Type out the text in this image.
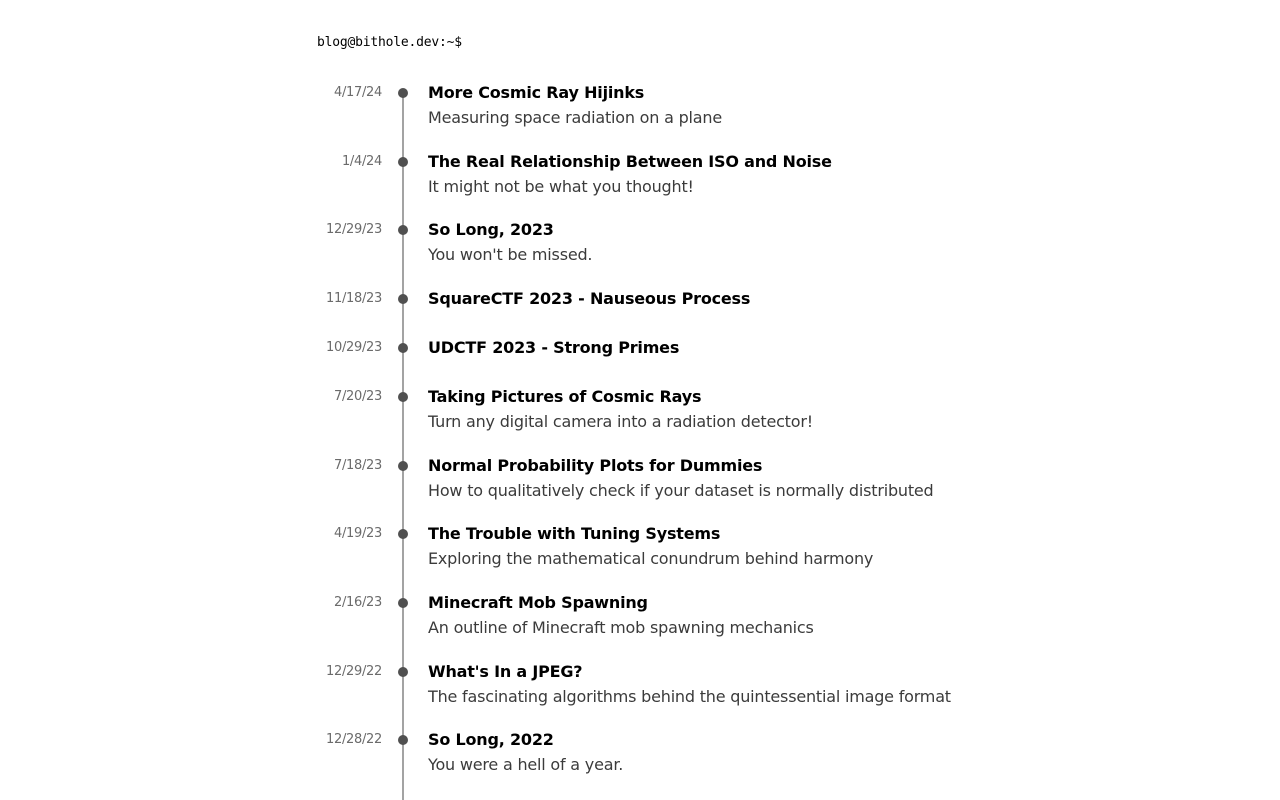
blog@bithole.dev:~$
4/17/24	More Cosmic Ray Hijinks
Measuring space radiation on a plane
1/4/24	The Real Relationship Between ISO and Noise
It might not be what you thought!
12/29/23	So Long, 2023
You won't be missed.
11/18/23	SquareCTF 2023 - Nauseous Process
10/29/23	UDCTF 2023 - Strong Primes
7/20/23	Taking Pictures of Cosmic Rays
Turn any digital camera into a radiation detector!
7/18/23	Normal Probability Plots for Dummies
How to qualitatively check if your dataset is normally distributed
4/19/23	The Trouble with Tuning Systems
Exploring the mathematical conundrum behind harmony
2/16/23	Minecraft Mob Spawning
An outline of Minecraft mob spawning mechanics
12/29/22	What's In a JPEG?
The fascinating algorithms behind the quintessential image format
12/28/22	So Long, 2022
You were a hell of a year.
